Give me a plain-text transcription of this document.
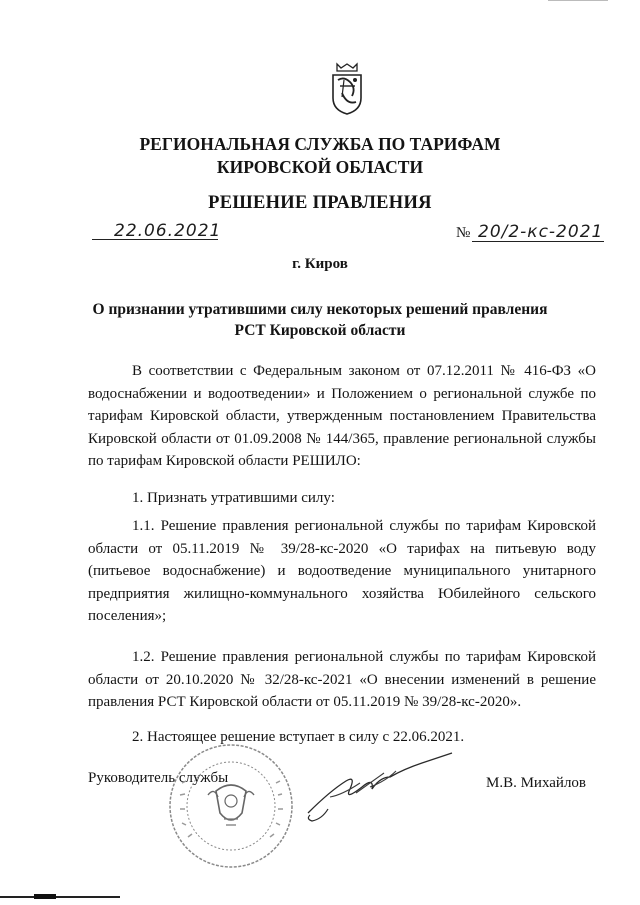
РЕГИОНАЛЬНАЯ СЛУЖБА ПО ТАРИФАМ
КИРОВСКОЙ ОБЛАСТИ
РЕШЕНИЕ ПРАВЛЕНИЯ
22.06.2021	№ 20/2-кс-2021
г. Киров
О признании утратившими силу некоторых решений правления
РСТ Кировской области
В соответствии с Федеральным законом от 07.12.2011 № 416-ФЗ «О водоснабжении и водоотведении» и Положением о региональной службе по тарифам Кировской области, утвержденным постановлением Правительства Кировской области от 01.09.2008 № 144/365, правление региональной службы по тарифам Кировской области РЕШИЛО:
1. Признать утратившими силу:
1.1. Решение правления региональной службы по тарифам Кировской области от 05.11.2019 № 39/28-кс-2020 «О тарифах на питьевую воду (питьевое водоснабжение) и водоотведение муниципального унитарного предприятия жилищно-коммунального хозяйства Юбилейного сельского поселения»;
1.2. Решение правления региональной службы по тарифам Кировской области от 20.10.2020 № 32/28-кс-2021 «О внесении изменений в решение правления РСТ Кировской области от 05.11.2019 № 39/28-кс-2020».
2. Настоящее решение вступает в силу с 22.06.2021.
Руководитель службы	М.В. Михайлов
